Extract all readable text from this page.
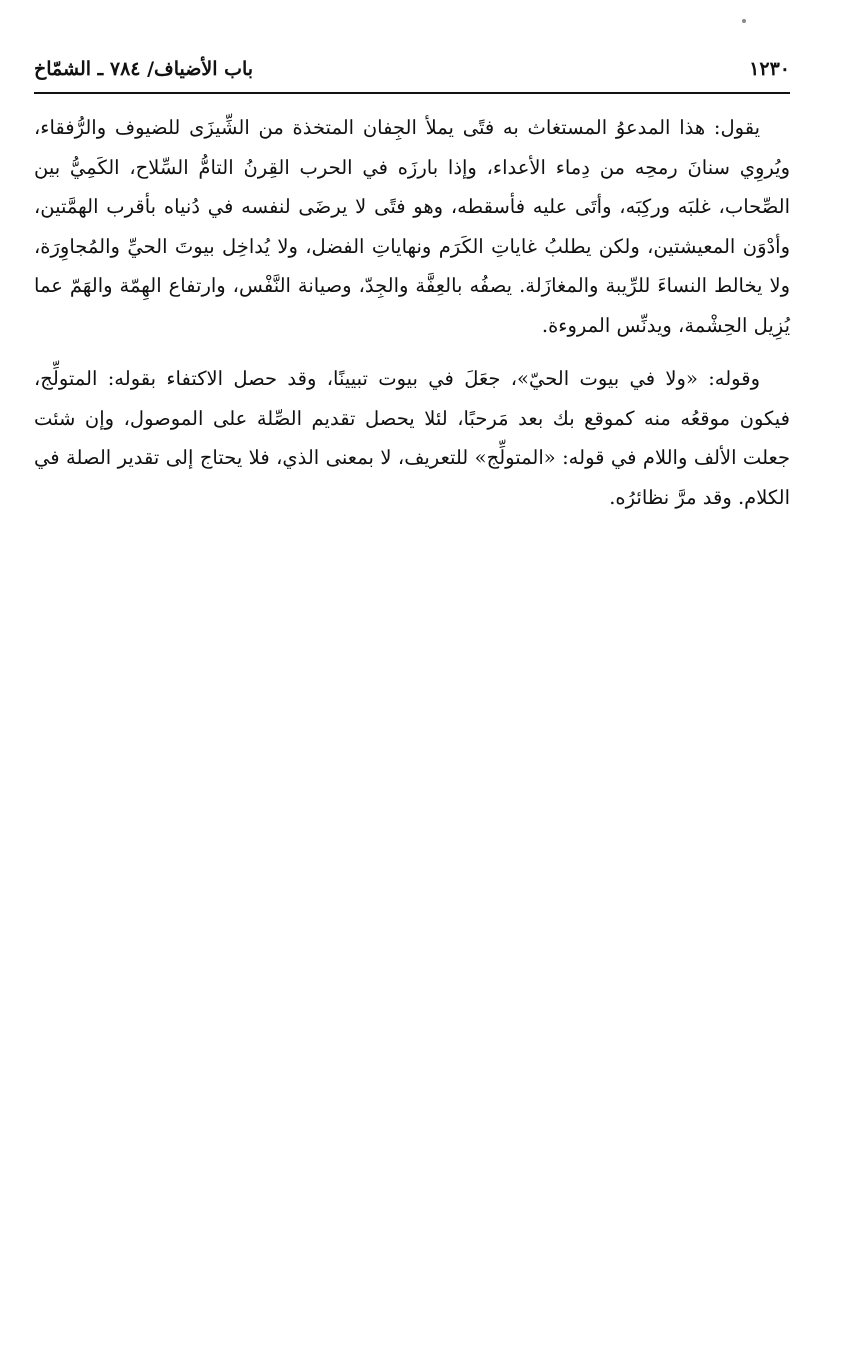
١٢٣٠
باب الأضياف/ ٧٨٤ ـ الشمّاخ

يقول: هذا المدعوُ المستغاث به فتًى يملأ الجِفان المتخذة من الشِّيزَى للضيوف والرُّفقاء، ويُروِي سنانَ رمحِه من دِماء الأعداء، وإذا بارزَه في الحرب القِرنُ التامُّ السِّلاح، الكَمِيُّ بين الصِّحاب، غلبَه وركِبَه، وأتَى عليه فأسقطه، وهو فتًى لا يرضَى لنفسه في دُنياه بأقرب الهمَّتين، وأدْوَن المعيشتين، ولكن يطلبُ غاياتِ الكَرَم ونهاياتِ الفضل، ولا يُداخِل بيوتَ الحيِّ والمُجاوِرَة، ولا يخالط النساءَ للرِّيبة والمغازَلة. يصفُه بالعِفَّة والجِدّ، وصيانة النَّفْس، وارتفاع الهِمّة والهَمّ عما يُزِيل الحِشْمة، ويدنِّس المروءة.

وقوله: «ولا في بيوت الحيّ»، جعَلَ في بيوت تبيينًا، وقد حصل الاكتفاء بقوله: المتولِّج، فيكون موقعُه منه كموقع بك بعد مَرحبًا، لئلا يحصل تقديم الصِّلة على الموصول، وإن شئت جعلت الألف واللام في قوله: «المتولِّج» للتعريف، لا بمعنى الذي، فلا يحتاج إلى تقدير الصلة في الكلام. وقد مرَّ نظائرُه.
